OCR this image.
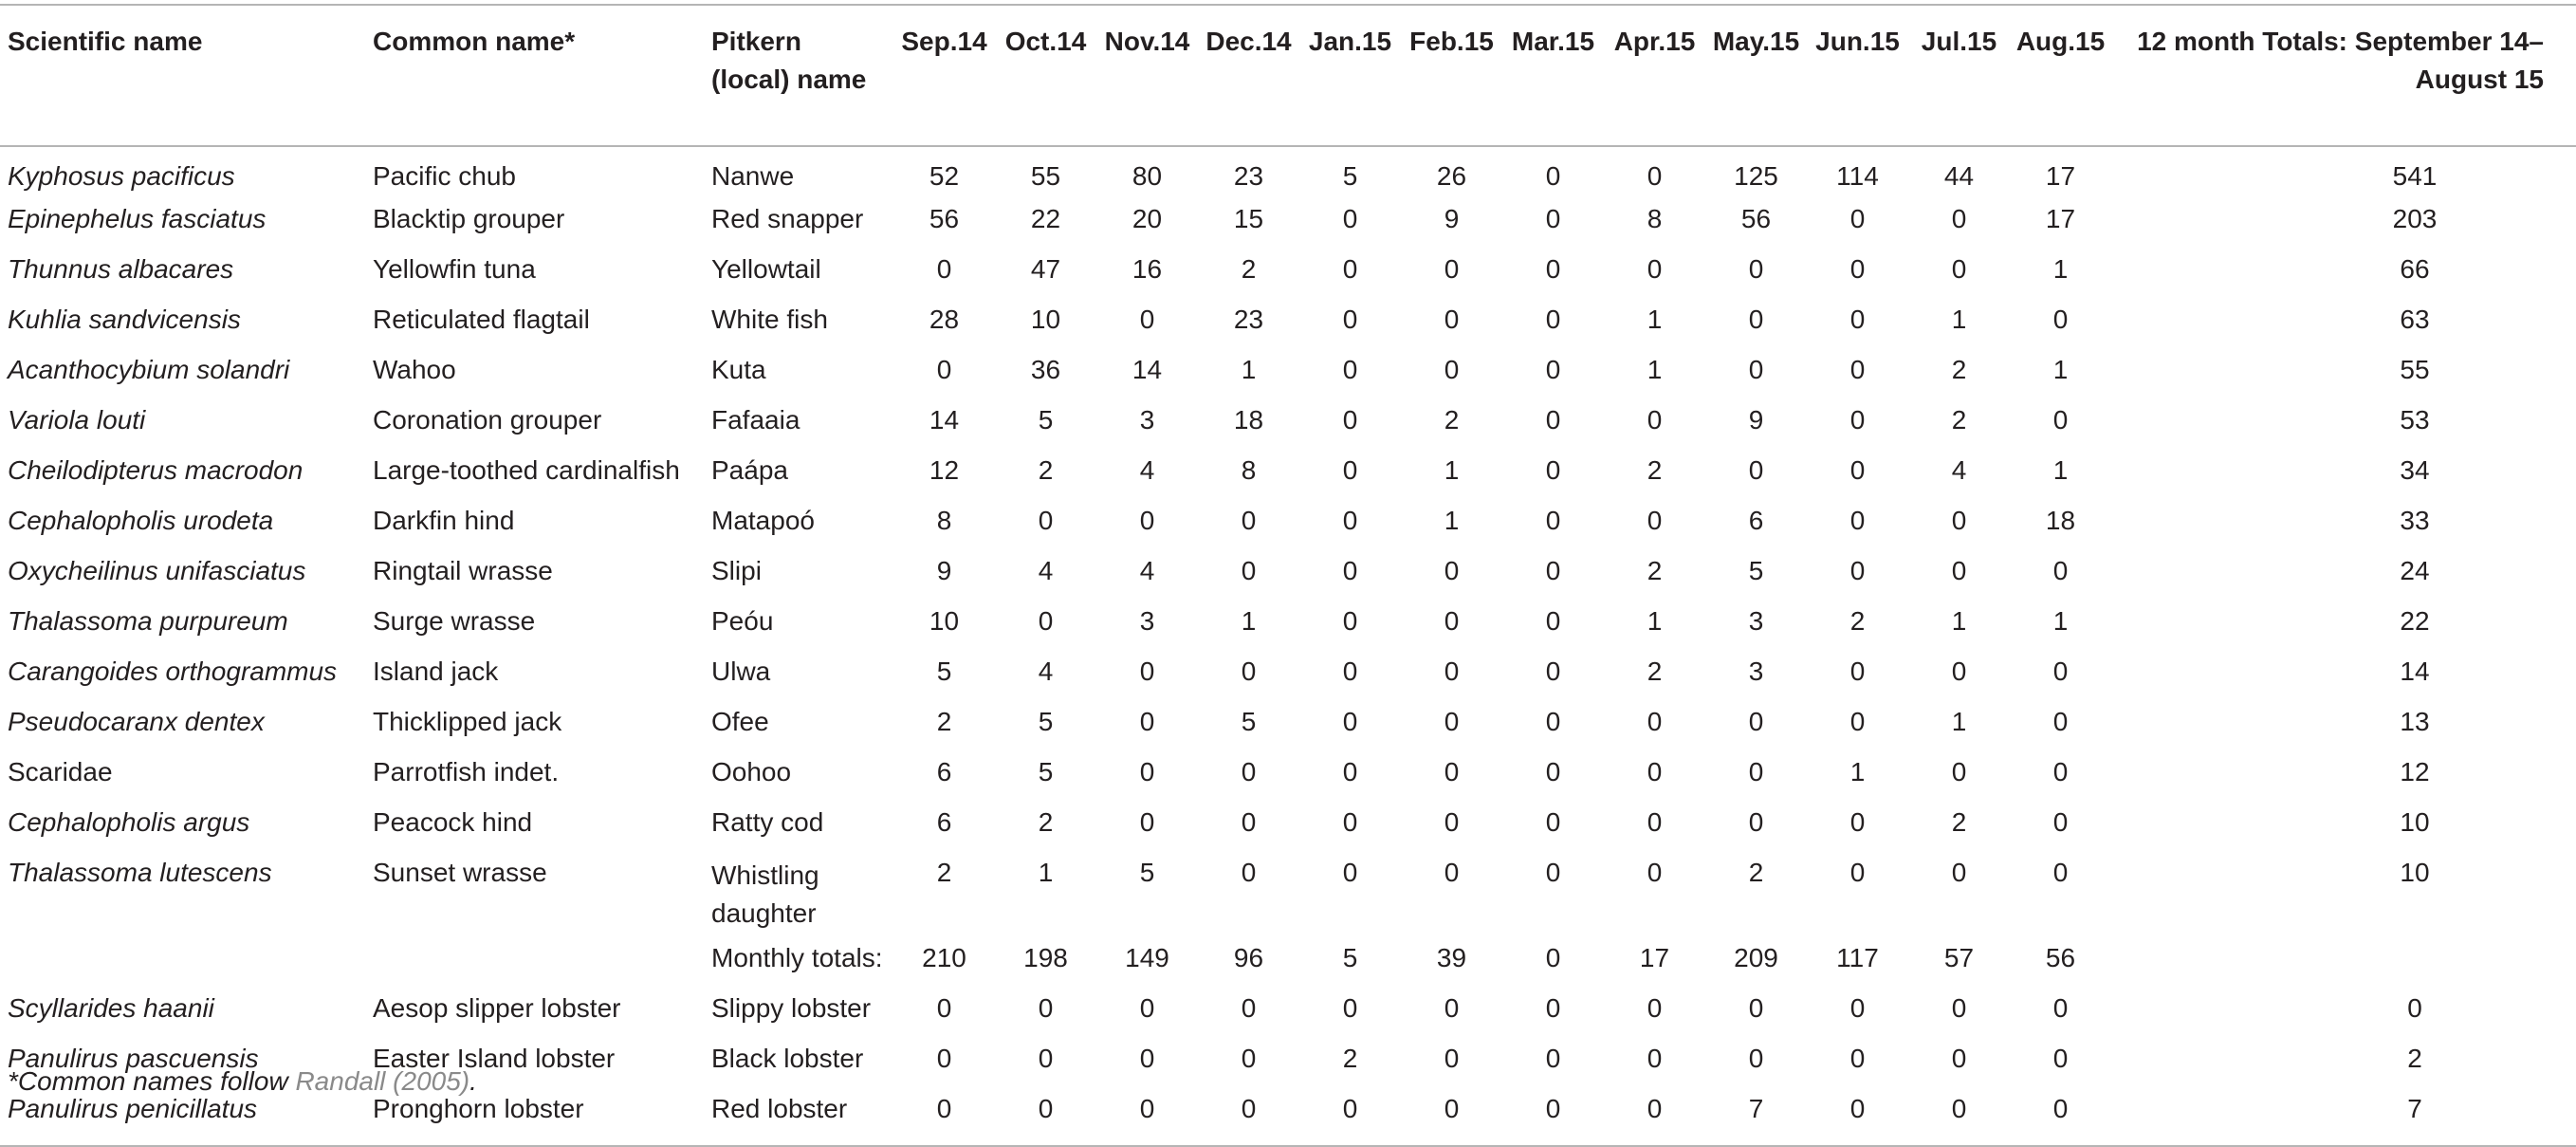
Scientific name	Common name*	Pitkern (local) name	Sep.14	Oct.14	Nov.14	Dec.14	Jan.15	Feb.15	Mar.15	Apr.15	May.15	Jun.15	Jul.15	Aug.15	12 month Totals: September 14–August 15
Kyphosus pacificus	Pacific chub	Nanwe	52	55	80	23	5	26	0	0	125	114	44	17	541
Epinephelus fasciatus	Blacktip grouper	Red snapper	56	22	20	15	0	9	0	8	56	0	0	17	203
Thunnus albacares	Yellowfin tuna	Yellowtail	0	47	16	2	0	0	0	0	0	0	0	1	66
Kuhlia sandvicensis	Reticulated flagtail	White fish	28	10	0	23	0	0	0	1	0	0	1	0	63
Acanthocybium solandri	Wahoo	Kuta	0	36	14	1	0	0	0	1	0	0	2	1	55
Variola louti	Coronation grouper	Fafaaia	14	5	3	18	0	2	0	0	9	0	2	0	53
Cheilodipterus macrodon	Large-toothed cardinalfish	Paápa	12	2	4	8	0	1	0	2	0	0	4	1	34
Cephalopholis urodeta	Darkfin hind	Matapoó	8	0	0	0	0	1	0	0	6	0	0	18	33
Oxycheilinus unifasciatus	Ringtail wrasse	Slipi	9	4	4	0	0	0	0	2	5	0	0	0	24
Thalassoma purpureum	Surge wrasse	Peóu	10	0	3	1	0	0	0	1	3	2	1	1	22
Carangoides orthogrammus	Island jack	Ulwa	5	4	0	0	0	0	0	2	3	0	0	0	14
Pseudocaranx dentex	Thicklipped jack	Ofee	2	5	0	5	0	0	0	0	0	0	1	0	13
Scaridae	Parrotfish indet.	Oohoo	6	5	0	0	0	0	0	0	0	1	0	0	12
Cephalopholis argus	Peacock hind	Ratty cod	6	2	0	0	0	0	0	0	0	0	2	0	10
Thalassoma lutescens	Sunset wrasse	Whistling daughter	2	1	5	0	0	0	0	0	2	0	0	0	10
		Monthly totals:	210	198	149	96	5	39	0	17	209	117	57	56	
Scyllarides haanii	Aesop slipper lobster	Slippy lobster	0	0	0	0	0	0	0	0	0	0	0	0	0
Panulirus pascuensis	Easter Island lobster	Black lobster	0	0	0	0	2	0	0	0	0	0	0	0	2
Panulirus penicillatus	Pronghorn lobster	Red lobster	0	0	0	0	0	0	0	0	7	0	0	0	7
*Common names follow Randall (2005).
